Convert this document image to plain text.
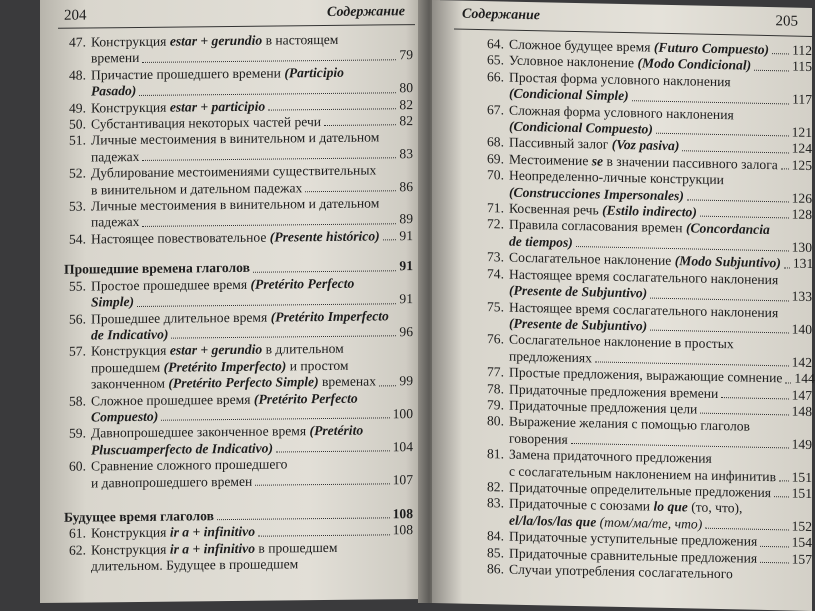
204	Содержание
47. Конструкция estar + gerundio в настоящем
времени	79
48. Причастие прошедшего времени (Participio
Pasado)	80
49. Конструкция estar + participio	82
50. Субстантивация некоторых частей речи	82
51. Личные местоимения в винительном и дательном
падежах	83
52. Дублирование местоимениями существительных
в винительном и дательном падежах	86
53. Личные местоимения в винительном и дательном
падежах	89
54. Настоящее повествовательное (Presente histórico) 91
Прошедшие времена глаголов	91
55. Простое прошедшее время (Pretérito Perfecto
Simple)	91
56. Прошедшее длительное время (Pretérito Imperfecto
de Indicativo)	96
57. Конструкция estar + gerundio в длительном
прошедшем (Pretérito Imperfecto) и простом
законченном (Pretérito Perfecto Simple) временах 99
58. Сложное прошедшее время (Pretérito Perfecto
Compuesto)	100
59. Давнопрошедшее законченное время (Pretérito
Pluscuamperfecto de Indicativo)	104
60. Сравнение сложного прошедшего
и давнопрошедшего времен	107
Будущее время глаголов	108
61. Конструкция ir a + infinitivo	108
62. Конструкция ir a + infinitivo в прошедшем
длительном. Будущее в прошедшем
Содержание	205
64. Сложное будущее время (Futuro Compuesto) 112
65. Условное наклонение (Modo Condicional)	115
66. Простая форма условного наклонения
(Condicional Simple)	117
67. Сложная форма условного наклонения
(Condicional Compuesto)	121
68. Пассивный залог (Voz pasiva)	124
69. Местоимение se в значении пассивного залога 125
70. Неопределенно-личные конструкции
(Construcciones Impersonales)	126
71. Косвенная речь (Estilo indirecto)	128
72. Правила согласования времен (Concordancia
de tiempos)	130
73. Сослагательное наклонение (Modo Subjuntivo) 131
74. Настоящее время сослагательного наклонения
(Presente de Subjuntivo)	133
75. Настоящее время сослагательного наклонения
(Presente de Subjuntivo)	140
76. Сослагательное наклонение в простых
предложениях	142
77. Простые предложения, выражающие сомнение 144
78. Придаточные предложения времени	147
79. Придаточные предложения цели	148
80. Выражение желания с помощью глаголов
говорения	149
81. Замена придаточного предложения
с сослагательным наклонением на инфинитив 151
82. Придаточные определительные предложения 151
83. Придаточные с союзами lo que (то, что),
el/la/los/las que (том/ма/те, что)	152
84. Придаточные уступительные предложения	154
85. Придаточные сравнительные предложения	157
86. Случаи употребления сослагательного
